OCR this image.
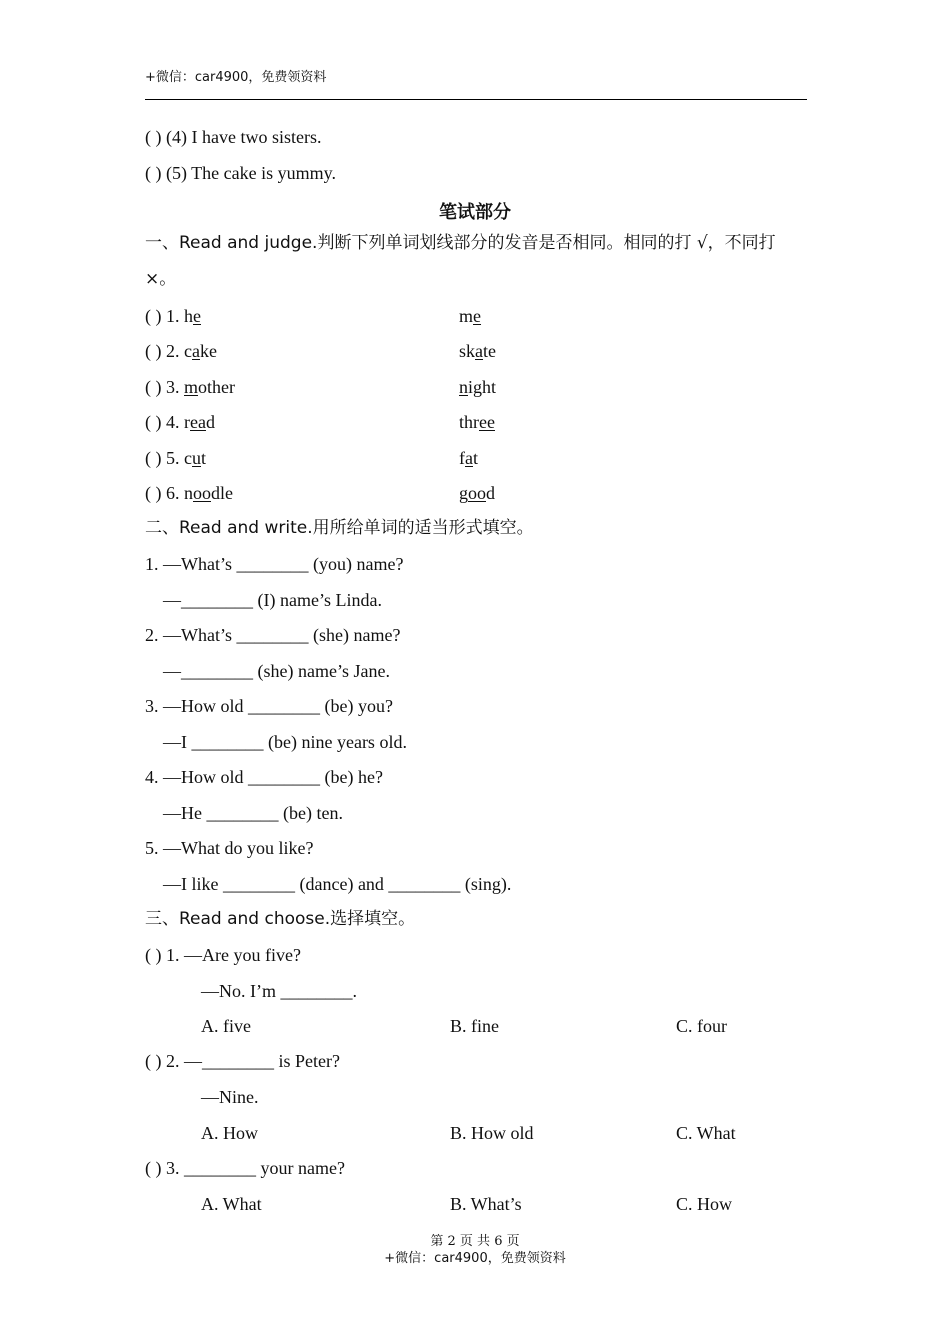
+微信：car4900，免费领资料
( ) (4) I have two sisters.
( ) (5) The cake is yummy.
笔试部分
一、Read and judge.判断下列单词划线部分的发音是否相同。相同的打 √，不同打
×。
( ) 1. he	me
( ) 2. cake	skate
( ) 3. mother	night
( ) 4. read	three
( ) 5. cut	fat
( ) 6. noodle	good
二、Read and write.用所给单词的适当形式填空。
1. —What’s ________ (you) name?
—________ (I) name’s Linda.
2. —What’s ________ (she) name?
—________ (she) name’s Jane.
3. —How old ________ (be) you?
—I ________ (be) nine years old.
4. —How old ________ (be) he?
—He ________ (be) ten.
5. —What do you like?
—I like ________ (dance) and ________ (sing).
三、Read and choose.选择填空。
( ) 1. —Are you five?
—No. I’m ________.
A. five	B. fine	C. four
( ) 2. —________ is Peter?
—Nine.
A. How	B. How old	C. What
( ) 3. ________ your name?
A. What	B. What’s	C. How
第 2 页 共 6 页
+微信：car4900，免费领资料
